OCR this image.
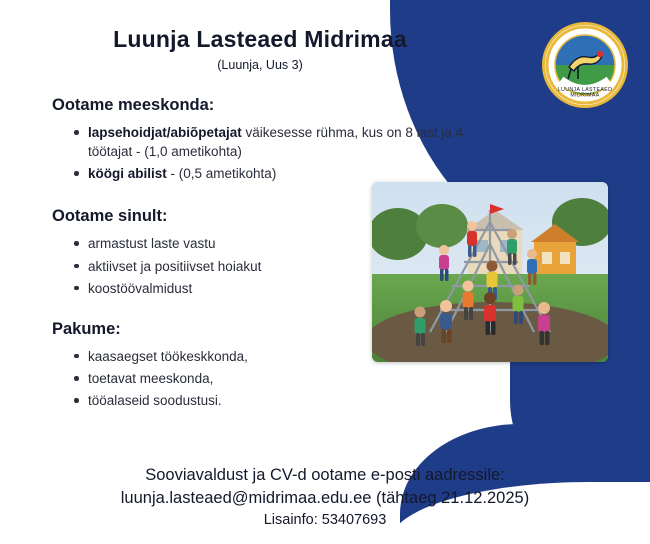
LUUNJA LASTEAED
MIDRIMAA
Luunja Lasteaed Midrimaa
(Luunja, Uus 3)
Ootame meeskonda:
lapsehoidjat/abiõpetajat väikesesse rühma, kus on 8 last ja 4 töötajat - (1,0 ametikohta)
köögi abilist - (0,5 ametikohta)
Ootame sinult:
armastust laste vastu
aktiivset ja positiivset hoiakut
koostöövalmidust
Pakume:
kaasaegset töökeskkonda,
toetavat meeskonda,
tööalaseid soodustusi.
Sooviavaldust ja CV-d ootame e-posti aadressile:
luunja.lasteaed@midrimaa.edu.ee (tähtaeg 21.12.2025)
Lisainfo: 53407693
